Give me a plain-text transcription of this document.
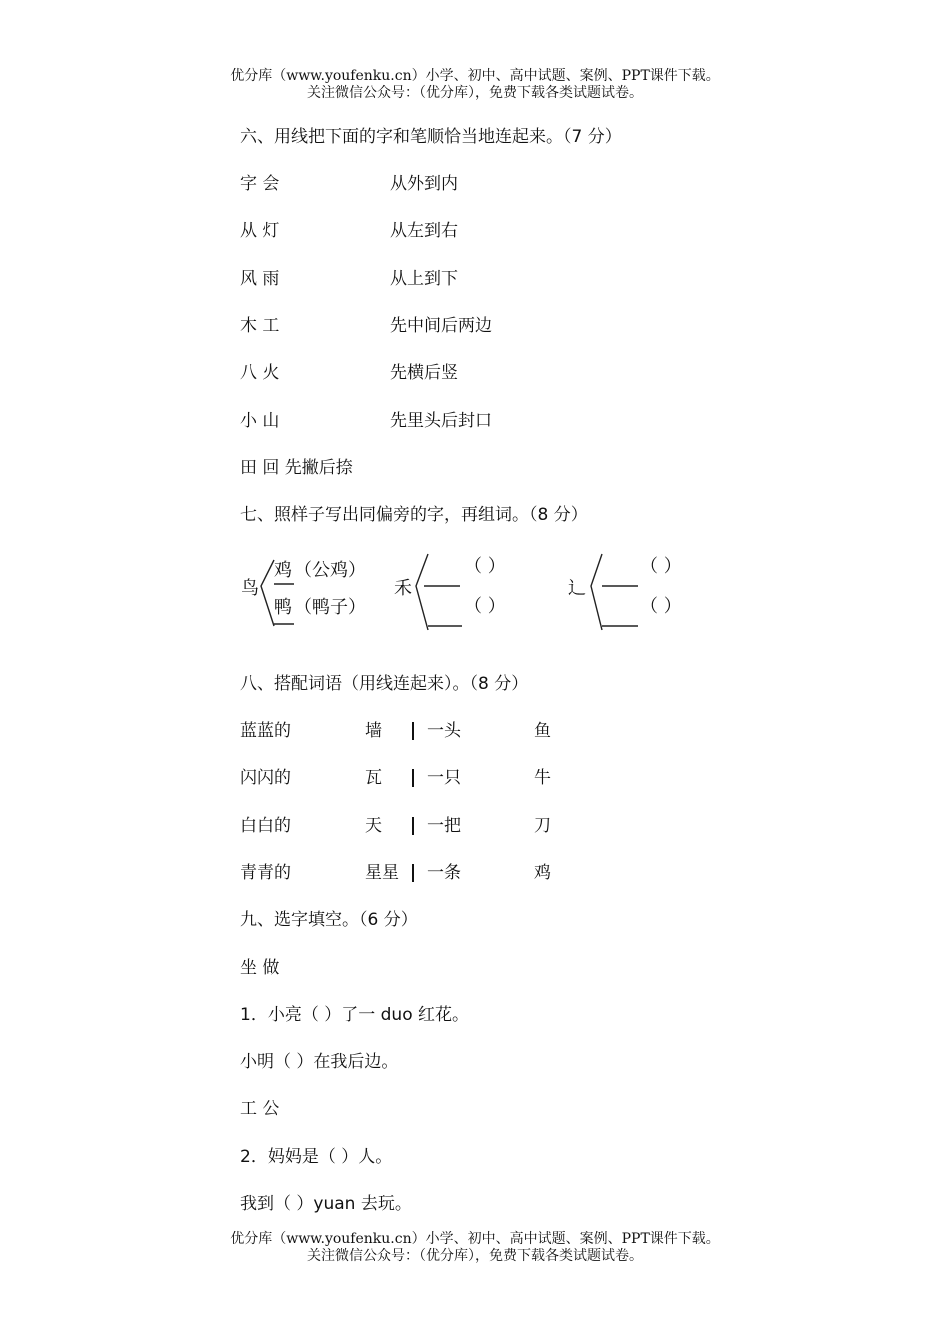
优分库（www.youfenku.cn）小学、初中、高中试题、案例、PPT课件下载。
关注微信公众号：（优分库），免费下载各类试题试卷。
六、用线把下面的字和笔顺恰当地连起来。（7 分）
字 会	从外到内
从 灯	从左到右
风 雨	从上到下
木 工	先中间后两边
八 火	先横后竖
小 山	先里头后封口
田 回 先撇后捺
七、照样子写出同偏旁的字，再组词。（8 分）
鸟
鸡 （公鸡）
鸭 （鸭子）
禾
（ ）
（ ）
辶
（ ）
（ ）
八、搭配词语（用线连起来）。（8 分）
蓝蓝的	墙	一头	鱼
闪闪的	瓦	一只	牛
白白的	天	一把	刀
青青的	星星 一条	鸡
九、选字填空。（6 分）
坐 做
1．小亮（ ）了一 duo 红花。
小明（ ）在我后边。
工 公
2．妈妈是（ ）人。
我到（ ）yuan 去玩。
优分库（www.youfenku.cn）小学、初中、高中试题、案例、PPT课件下载。
关注微信公众号：（优分库），免费下载各类试题试卷。
